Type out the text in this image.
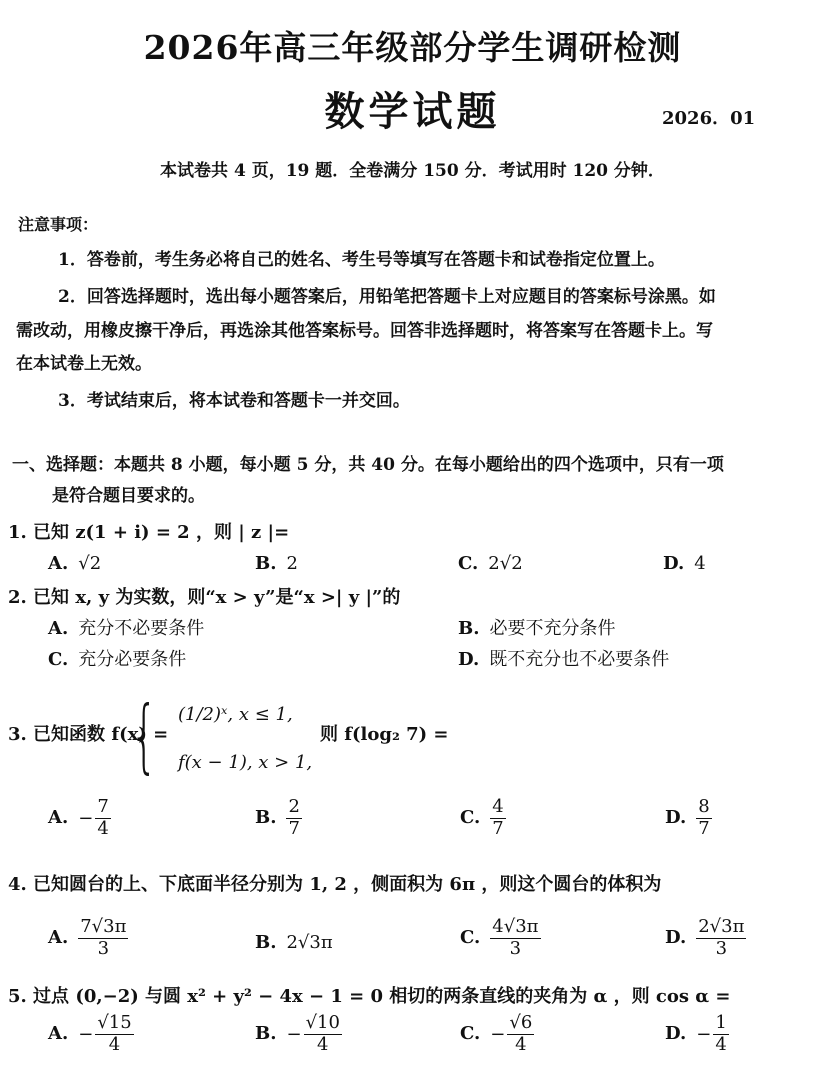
2026年高三年级部分学生调研检测
数学试题	2026．01
本试卷共 4 页，19 题．全卷满分 150 分．考试用时 120 分钟．
注意事项：
1．答卷前，考生务必将自己的姓名、考生号等填写在答题卡和试卷指定位置上。
2．回答选择题时，选出每小题答案后，用铅笔把答题卡上对应题目的答案标号涂黑。如
需改动，用橡皮擦干净后，再选涂其他答案标号。回答非选择题时，将答案写在答题卡上。写
在本试卷上无效。
3．考试结束后，将本试卷和答题卡一并交回。
一、选择题：本题共 8 小题，每小题 5 分，共 40 分。在每小题给出的四个选项中，只有一项
是符合题目要求的。
1. 已知 z(1 + i) = 2 ，则 | z |=
A. √2	B. 2	C. 2√2	D. 4
2. 已知 x, y 为实数，则“x > y”是“x >| y |”的
A. 充分不必要条件	B. 必要不充分条件
C. 充分必要条件	D. 既不充分也不必要条件
3. 已知函数 f(x) =
{ (1/2)ˣ, x ≤ 1,
f(x − 1), x > 1,
则 f(log₂ 7) =
A. − $\frac{7}{4}$	B. $\frac{2}{7}$	C. $\frac{4}{7}$	D. $\frac{8}{7}$
4. 已知圆台的上、下底面半径分别为 1, 2 ，侧面积为 6π ，则这个圆台的体积为
A. $\frac{7√3\pi}{3}$	B. 2√3π	C. $\frac{4√3\pi}{3}$	D. $\frac{2√3\pi}{3}$
5. 过点 (0,−2) 与圆 x² + y² − 4x − 1 = 0 相切的两条直线的夹角为 α ，则 cos α =
A. − $\frac{√15}{4}$	B. − $\frac{√10}{4}$	C. − $\frac{√6}{4}$	D. − $\frac{1}{4}$
